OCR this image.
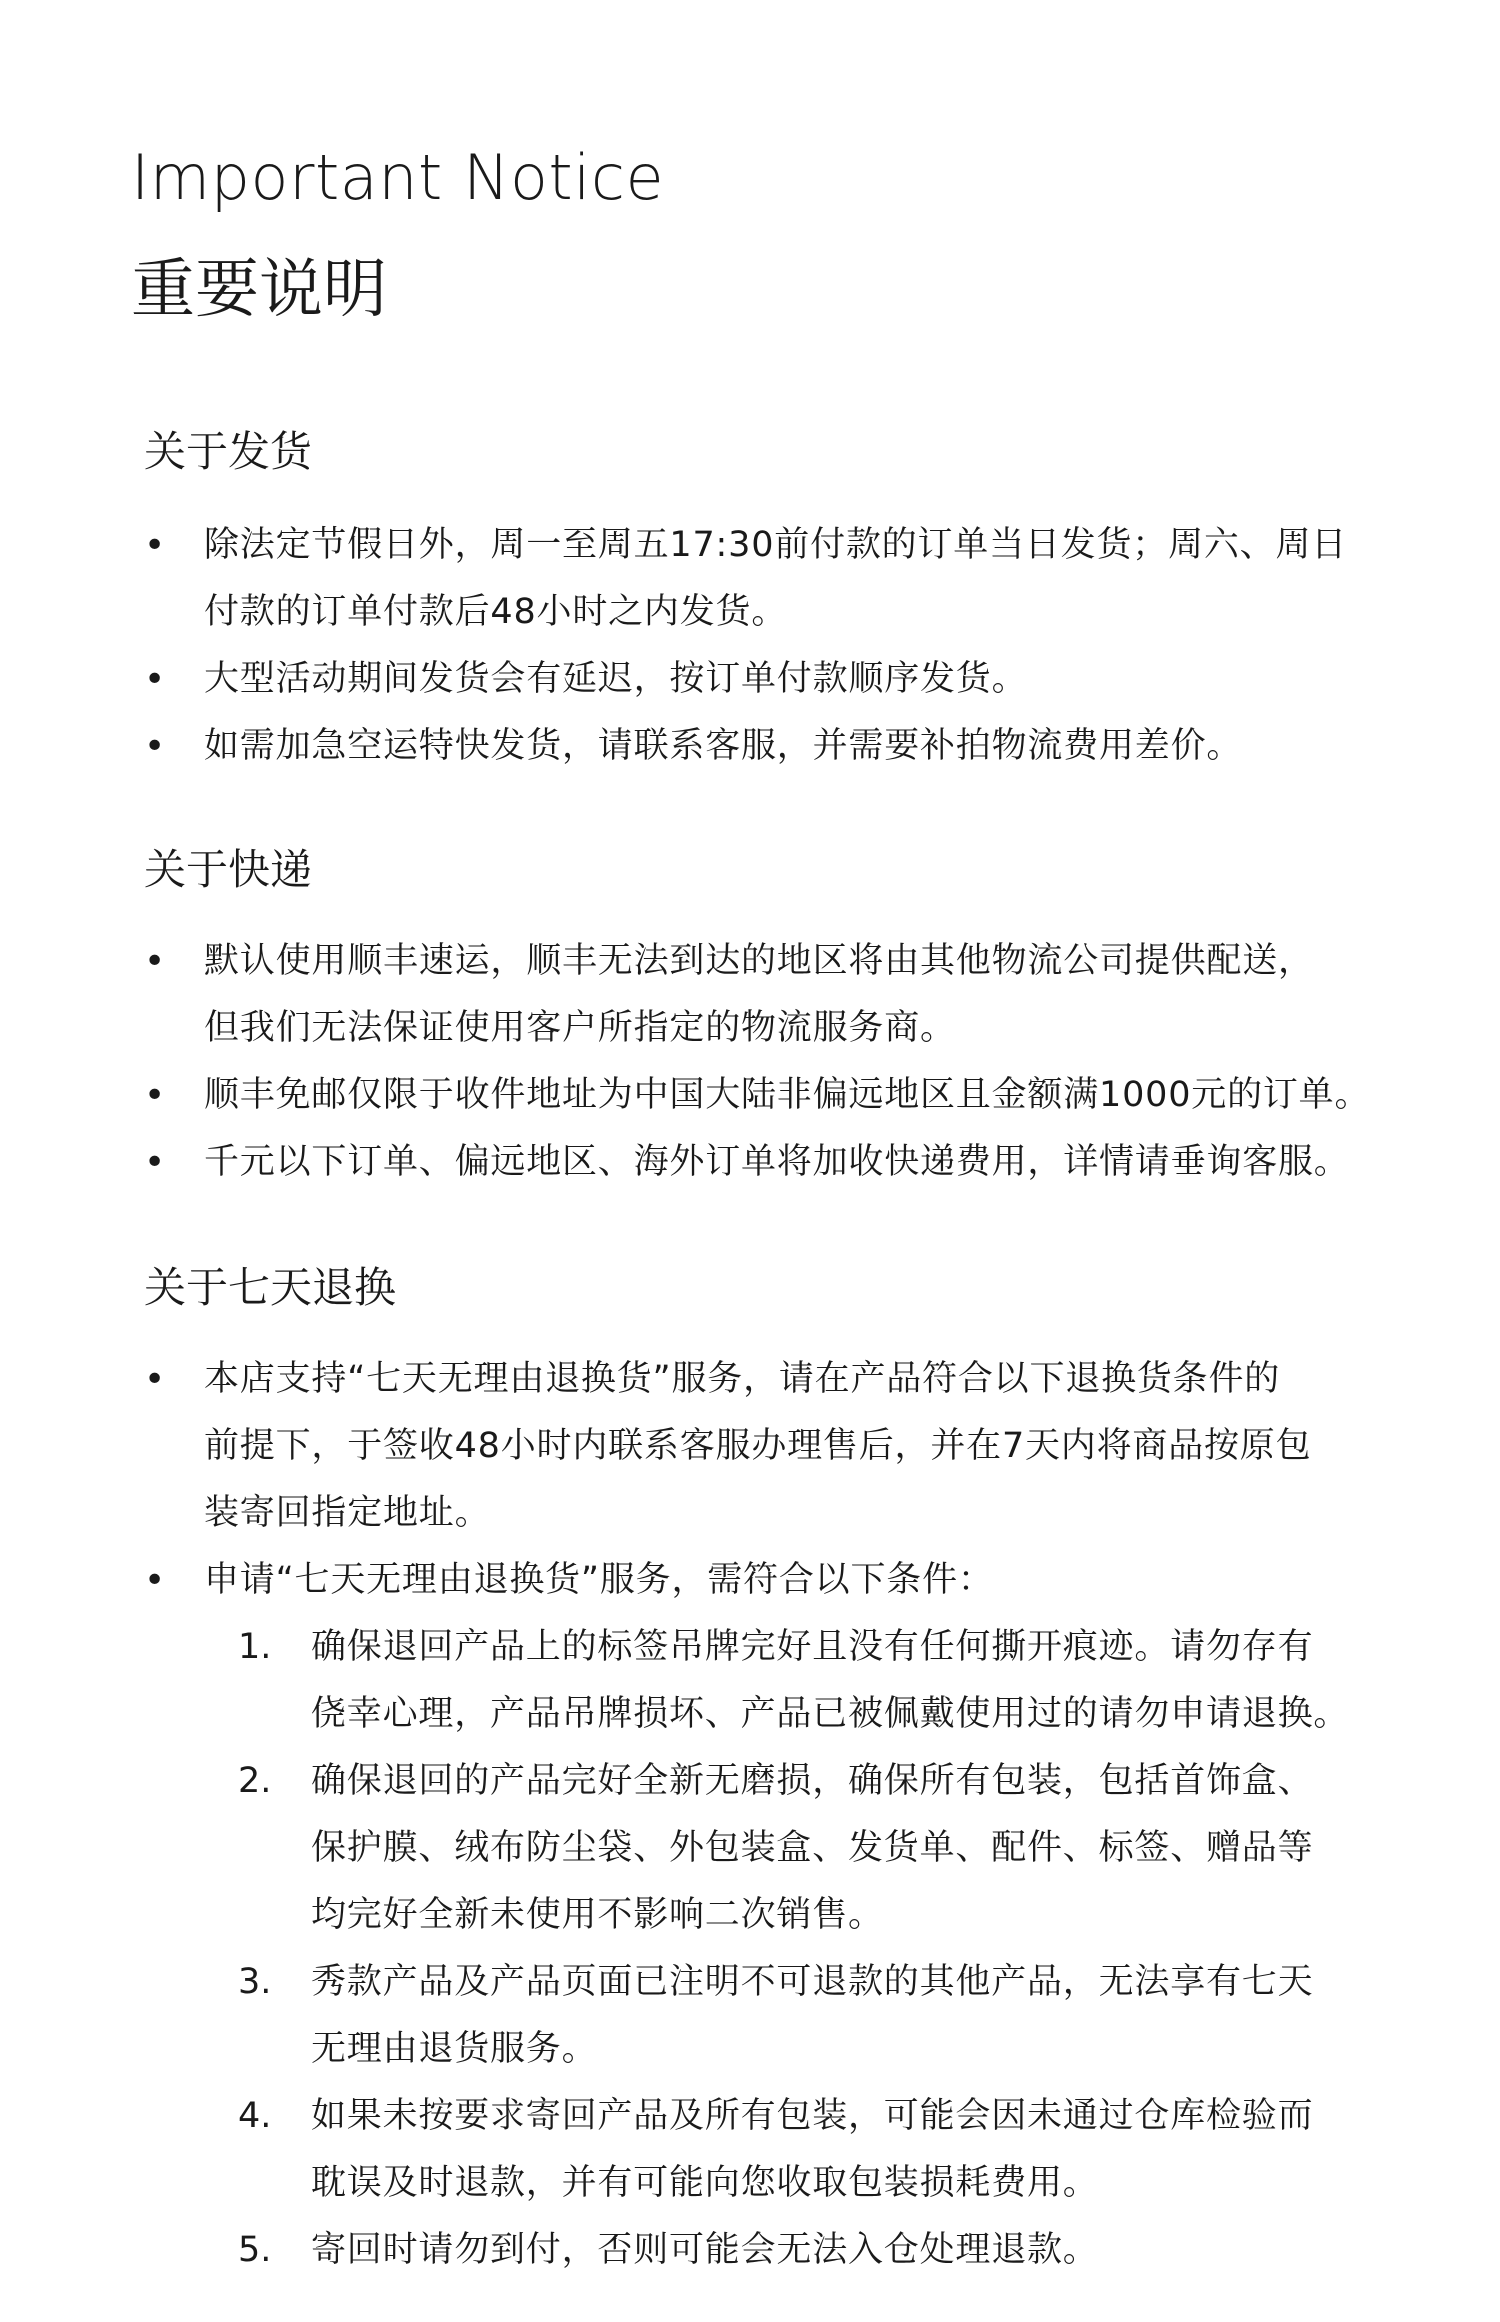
Important Notice
重要说明
关于发货
• 除法定节假日外，周一至周五17:30前付款的订单当日发货；周六、周日
付款的订单付款后48小时之内发货。
• 大型活动期间发货会有延迟，按订单付款顺序发货。
• 如需加急空运特快发货，请联系客服，并需要补拍物流费用差价。
关于快递
• 默认使用顺丰速运，顺丰无法到达的地区将由其他物流公司提供配送，
但我们无法保证使用客户所指定的物流服务商。
• 顺丰免邮仅限于收件地址为中国大陆非偏远地区且金额满1000元的订单。
• 千元以下订单、偏远地区、海外订单将加收快递费用，详情请垂询客服。
关于七天退换
• 本店支持“七天无理由退换货”服务，请在产品符合以下退换货条件的
前提下，于签收48小时内联系客服办理售后，并在7天内将商品按原包
装寄回指定地址。
• 申请“七天无理由退换货”服务，需符合以下条件：
1. 确保退回产品上的标签吊牌完好且没有任何撕开痕迹。请勿存有
侥幸心理，产品吊牌损坏、产品已被佩戴使用过的请勿申请退换。
2. 确保退回的产品完好全新无磨损，确保所有包装，包括首饰盒、
保护膜、绒布防尘袋、外包装盒、发货单、配件、标签、赠品等
均完好全新未使用不影响二次销售。
3. 秀款产品及产品页面已注明不可退款的其他产品，无法享有七天
无理由退货服务。
4. 如果未按要求寄回产品及所有包装，可能会因未通过仓库检验而
耽误及时退款，并有可能向您收取包装损耗费用。
5. 寄回时请勿到付，否则可能会无法入仓处理退款。
